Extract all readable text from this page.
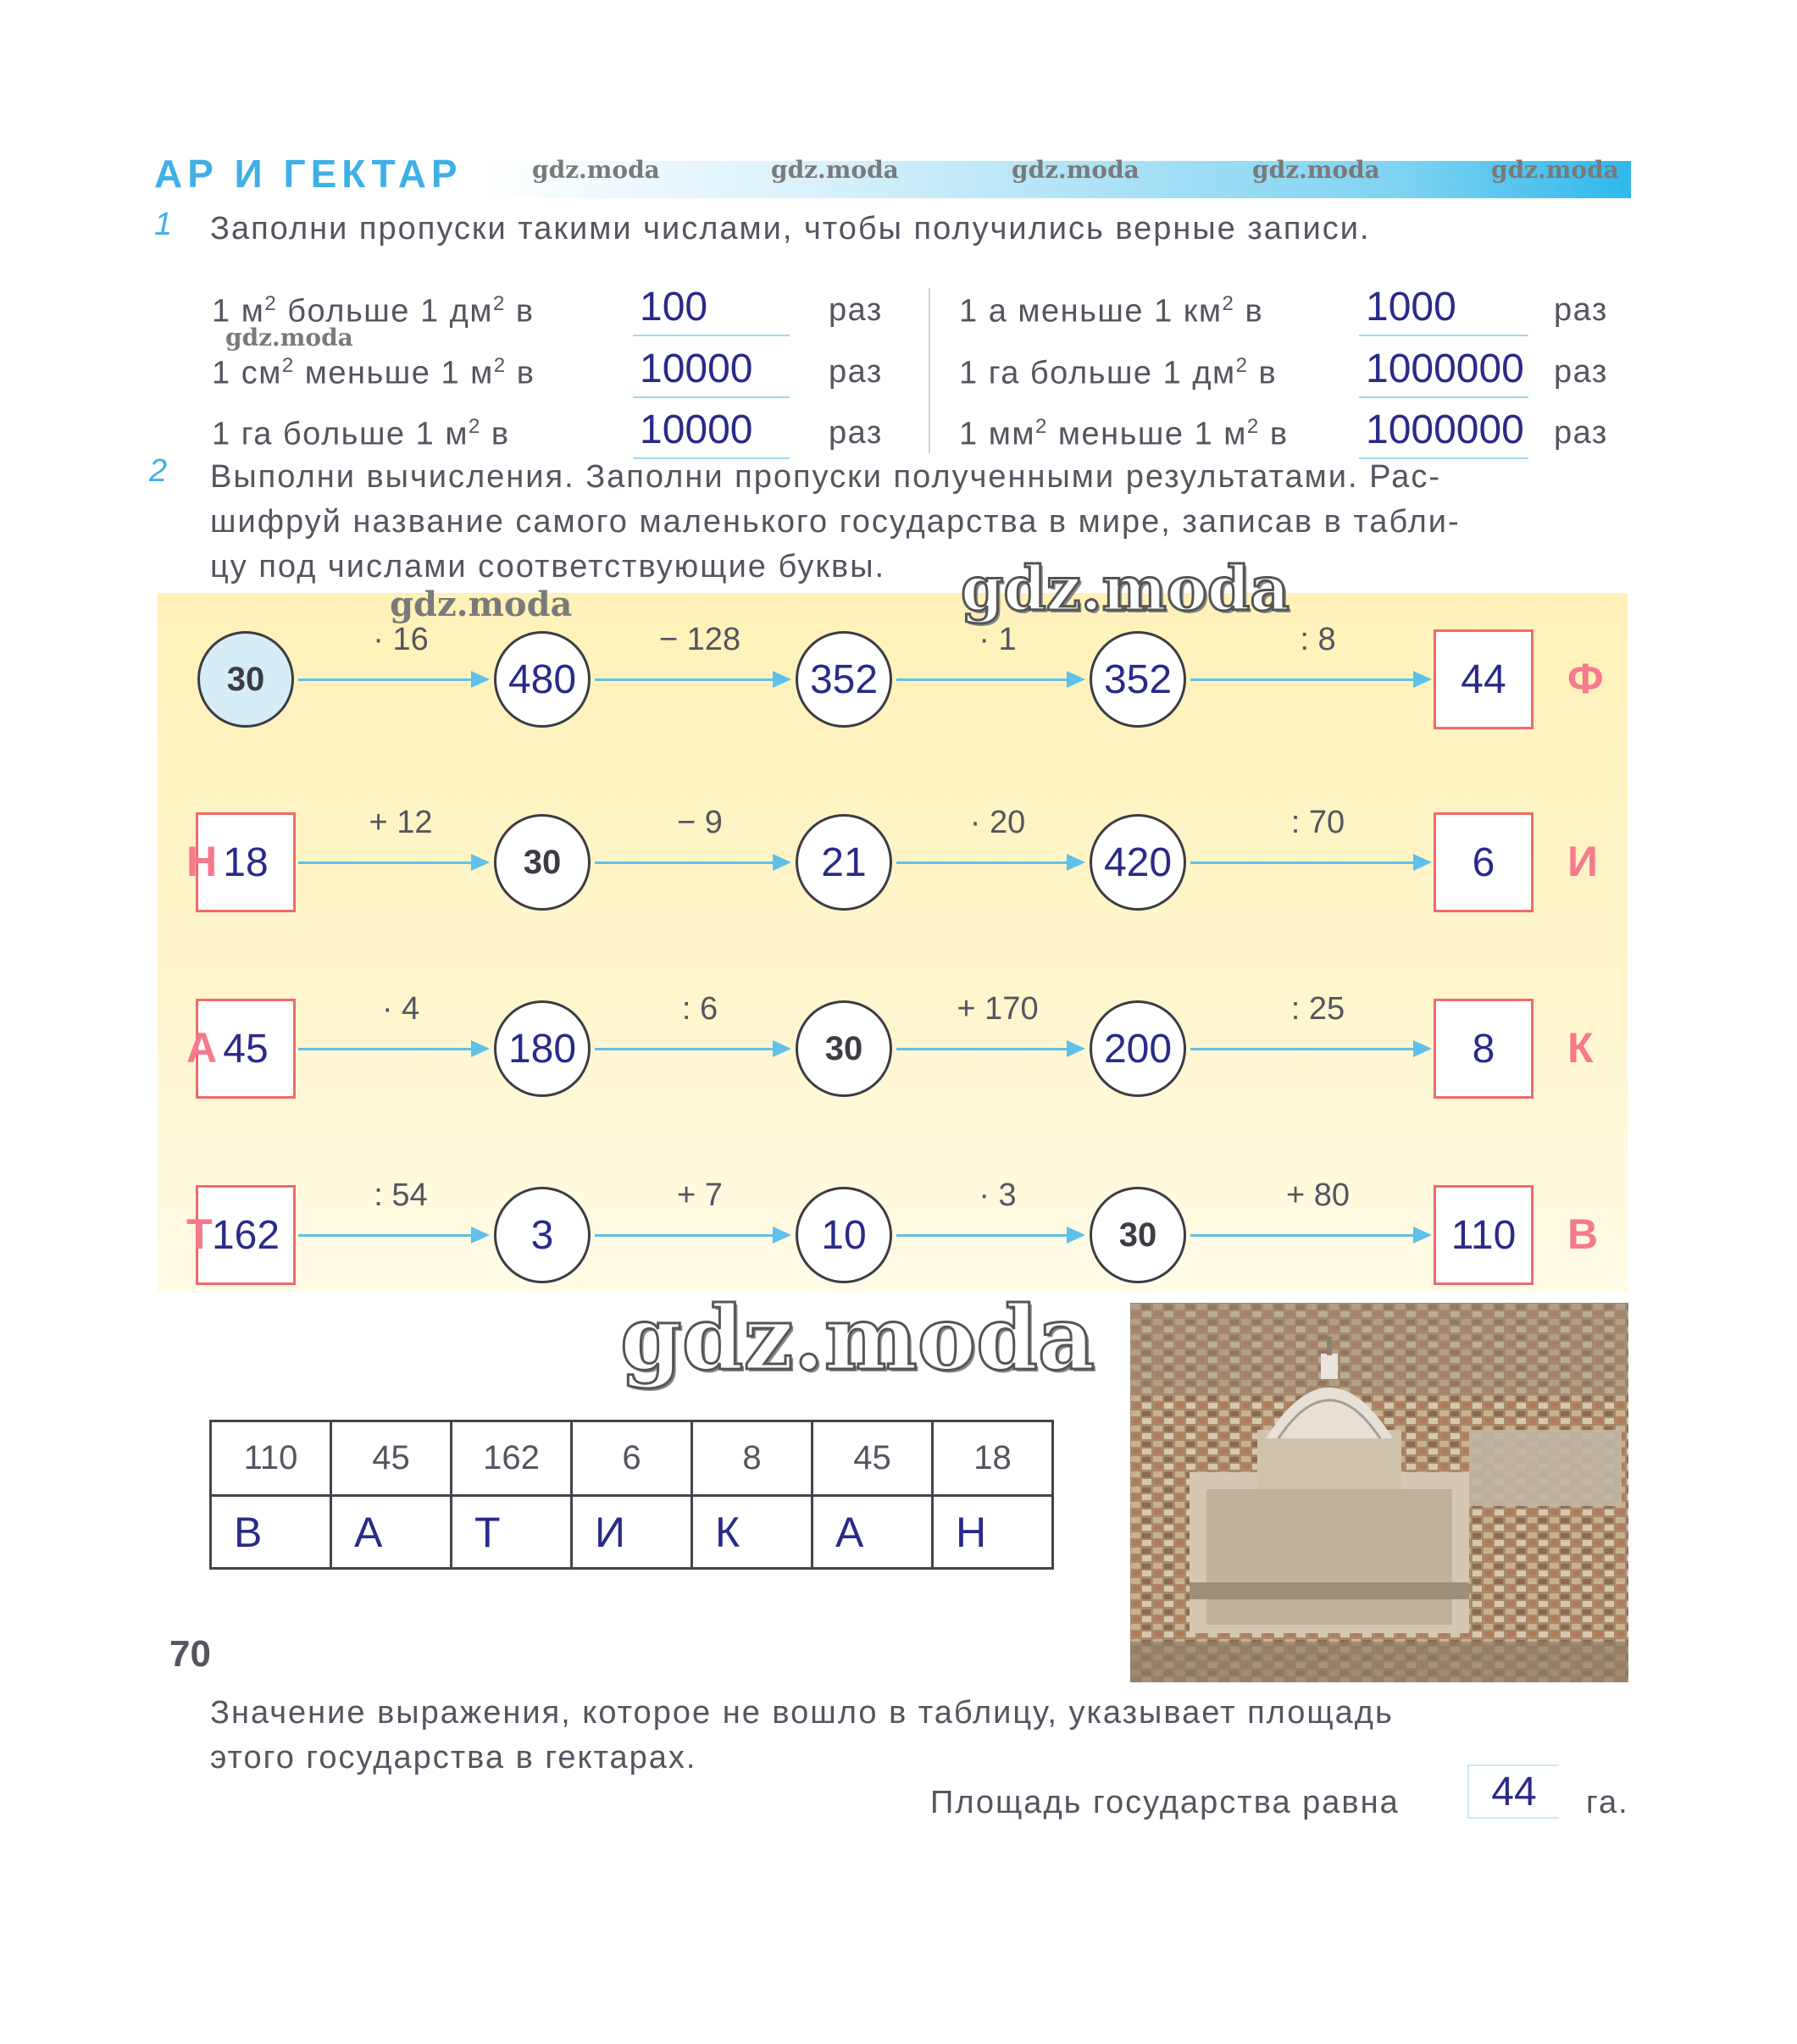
АР И ГЕКТАР	gdz.moda	gdz.moda	gdz.moda	gdz.moda	gdz.moda
1 Заполни пропуски такими числами, чтобы получились верные записи.
1 $м^2$ больше 1 $дм^2$ в	100	раз
1 $см^2$ меньше 1 $м^2$ в	10000 раз
1 га больше 1 $м^2$ в	10000 раз
1 а меньше 1 $км^2$ в	1000	раз
1 га больше 1 $дм^2$ в 1000000 раз
1 $мм^2$ меньше 1 $м^2$ в 1000000 раз
gdz.moda
2 Выполни вычисления. Заполни пропуски полученными результатами. Рас-
шифруй название самого маленького государства в мире, записав в табли-
цу под числами соответствующие буквы.
30	480	352	352	44	Ф
· 16	− 128	· 1	: 8
18
Н	30	21	420	6	И
+ 12	− 9	· 20	: 70
45
А	180	30	200	8	К
· 4	: 6	+ 170	: 25
162
Т	3	10	30	110	В
: 54	+ 7	· 3	+ 80
gdz.moda	gdz.moda
gdz.moda
110	45	162	6	8	45	18
В	А	Т	И	К	А	Н
70
Значение выражения, которое не вошло в таблицу, указывает площадь
этого государства в гектарах.
Площадь государства равна	44	га.
